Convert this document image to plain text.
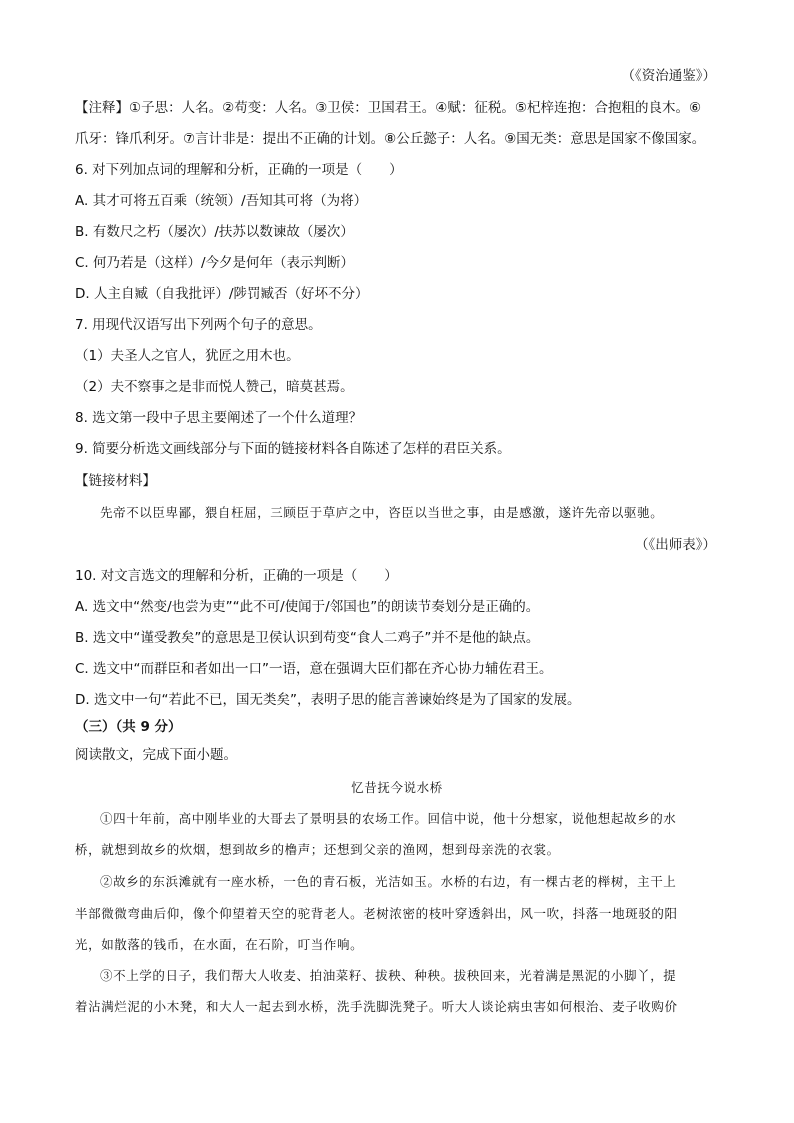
（《资治通鉴》）
【注释】①子思：人名。②苟变：人名。③卫侯：卫国君王。④赋：征税。⑤杞梓连抱：合抱粗的良木。⑥
爪牙：锋爪利牙。⑦言计非是：提出不正确的计划。⑧公丘懿子：人名。⑨国无类：意思是国家不像国家。
6. 对下列加点词的理解和分析，正确的一项是（　　）
A. 其才可将五百乘（统领）/吾知其可将（为将）
B. 有数尺之朽（屡次）/扶苏以数谏故（屡次）
C. 何乃若是（这样）/今夕是何年（表示判断）
D. 人主自臧（自我批评）/陟罚臧否（好坏不分）
7. 用现代汉语写出下列两个句子的意思。
（1）夫圣人之官人，犹匠之用木也。
（2）夫不察事之是非而悦人赞己，暗莫甚焉。
8. 选文第一段中子思主要阐述了一个什么道理？
9. 简要分析选文画线部分与下面的链接材料各自陈述了怎样的君臣关系。
【链接材料】
先帝不以臣卑鄙，猥自枉屈，三顾臣于草庐之中，咨臣以当世之事，由是感激，遂许先帝以驱驰。
（《出师表》）
10. 对文言选文的理解和分析，正确的一项是（　　）
A. 选文中“然变/也尝为吏”“此不可/使闻于/邻国也”的朗读节奏划分是正确的。
B. 选文中“谨受教矣”的意思是卫侯认识到苟变“食人二鸡子”并不是他的缺点。
C. 选文中“而群臣和者如出一口”一语，意在强调大臣们都在齐心协力辅佐君王。
D. 选文中一句“若此不已，国无类矣”，表明子思的能言善谏始终是为了国家的发展。
（三）（共 9 分）
阅读散文，完成下面小题。
忆昔抚今说水桥
①四十年前，高中刚毕业的大哥去了景明县的农场工作。回信中说，他十分想家，说他想起故乡的水
桥，就想到故乡的炊烟，想到故乡的橹声；还想到父亲的渔网，想到母亲洗的衣裳。
②故乡的东浜滩就有一座水桥，一色的青石板，光洁如玉。水桥的右边，有一棵古老的榉树，主干上
半部微微弯曲后仰，像个仰望着天空的驼背老人。老树浓密的枝叶穿透斜出，风一吹，抖落一地斑驳的阳
光，如散落的钱币，在水面，在石阶，叮当作响。
③不上学的日子，我们帮大人收麦、拍油菜籽、拔秧、种秧。拔秧回来，光着满是黑泥的小脚丫，提
着沾满烂泥的小木凳，和大人一起去到水桥，洗手洗脚洗凳子。听大人谈论病虫害如何根治、麦子收购价
